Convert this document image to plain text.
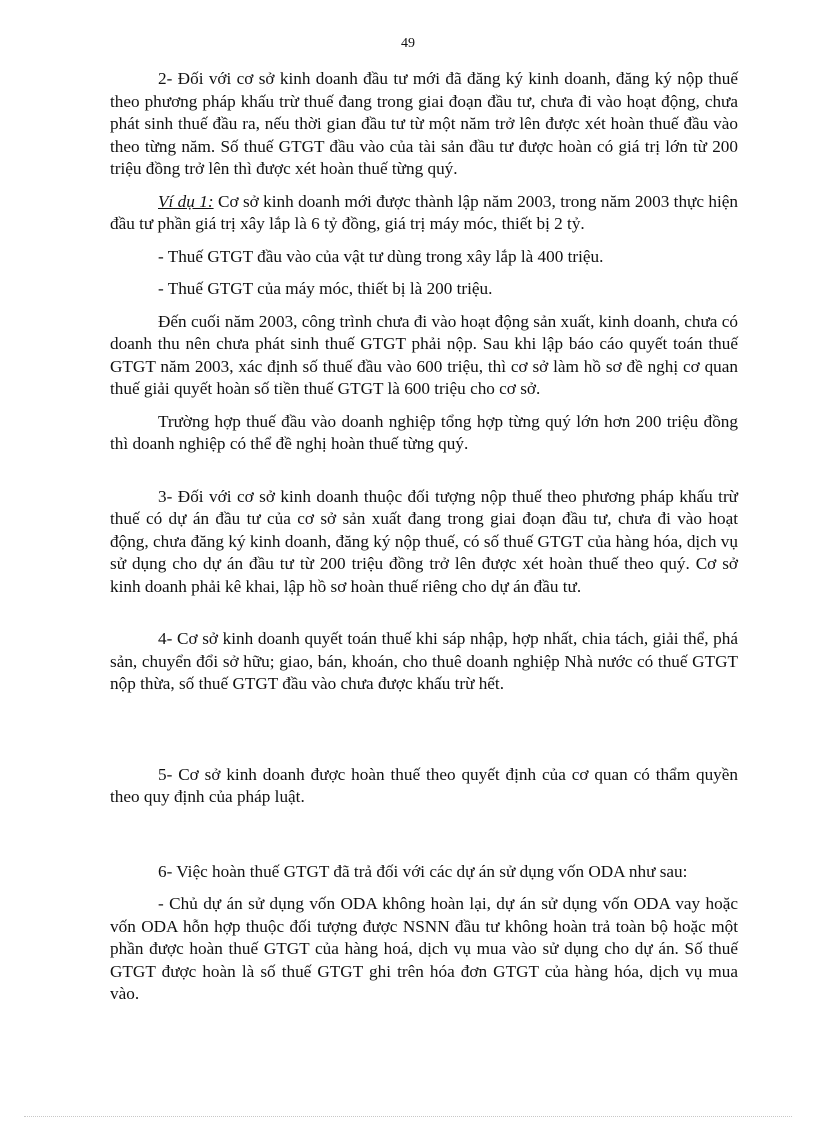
49

2- Đối với cơ sở kinh doanh đầu tư mới đã đăng ký kinh doanh, đăng ký nộp thuế theo phương pháp khấu trừ thuế đang trong giai đoạn đầu tư, chưa đi vào hoạt động, chưa phát sinh thuế đầu ra, nếu thời gian đầu tư từ một năm trở lên được xét hoàn thuế đầu vào theo từng năm. Số thuế GTGT đầu vào của tài sản đầu tư được hoàn có giá trị lớn từ 200 triệu đồng trở lên thì được xét hoàn thuế từng quý.

Ví dụ 1: Cơ sở kinh doanh mới được thành lập năm 2003, trong năm 2003 thực hiện đầu tư phần giá trị xây lắp là 6 tỷ đồng, giá trị máy móc, thiết bị 2 tỷ.

- Thuế GTGT đầu vào của vật tư dùng trong xây lắp là 400 triệu.

- Thuế GTGT của máy móc, thiết bị là 200 triệu.

Đến cuối năm 2003, công trình chưa đi vào hoạt động sản xuất, kinh doanh, chưa có doanh thu nên chưa phát sinh thuế GTGT phải nộp. Sau khi lập báo cáo quyết toán thuế GTGT năm 2003, xác định số thuế đầu vào 600 triệu, thì cơ sở làm hồ sơ đề nghị cơ quan thuế giải quyết hoàn số tiền thuế GTGT là 600 triệu cho cơ sở.

Trường hợp thuế đầu vào doanh nghiệp tổng hợp từng quý lớn hơn 200 triệu đồng thì doanh nghiệp có thể đề nghị hoàn thuế từng quý.

3- Đối với cơ sở kinh doanh thuộc đối tượng nộp thuế theo phương pháp khấu trừ thuế có dự án đầu tư của cơ sở sản xuất đang trong giai đoạn đầu tư, chưa đi vào hoạt động, chưa đăng ký kinh doanh, đăng ký nộp thuế, có số thuế GTGT của hàng hóa, dịch vụ sử dụng cho dự án đầu tư từ 200 triệu đồng trở lên được xét hoàn thuế theo quý. Cơ sở kinh doanh phải kê khai, lập hồ sơ hoàn thuế riêng cho dự án đầu tư.

4- Cơ sở kinh doanh quyết toán thuế khi sáp nhập, hợp nhất, chia tách, giải thể, phá sản, chuyển đổi sở hữu; giao, bán, khoán, cho thuê doanh nghiệp Nhà nước có thuế GTGT nộp thừa, số thuế GTGT đầu vào chưa được khấu trừ hết.

5- Cơ sở kinh doanh được hoàn thuế theo quyết định của cơ quan có thẩm quyền theo quy định của pháp luật.

6- Việc hoàn thuế GTGT đã trả đối với các dự án sử dụng vốn ODA như sau:

- Chủ dự án sử dụng vốn ODA không hoàn lại, dự án sử dụng vốn ODA vay hoặc vốn ODA hỗn hợp thuộc đối tượng được NSNN đầu tư không hoàn trả toàn bộ hoặc một phần được hoàn thuế GTGT của hàng hoá, dịch vụ mua vào sử dụng cho dự án. Số thuế GTGT được hoàn là số thuế GTGT ghi trên hóa đơn GTGT của hàng hóa, dịch vụ mua vào.
